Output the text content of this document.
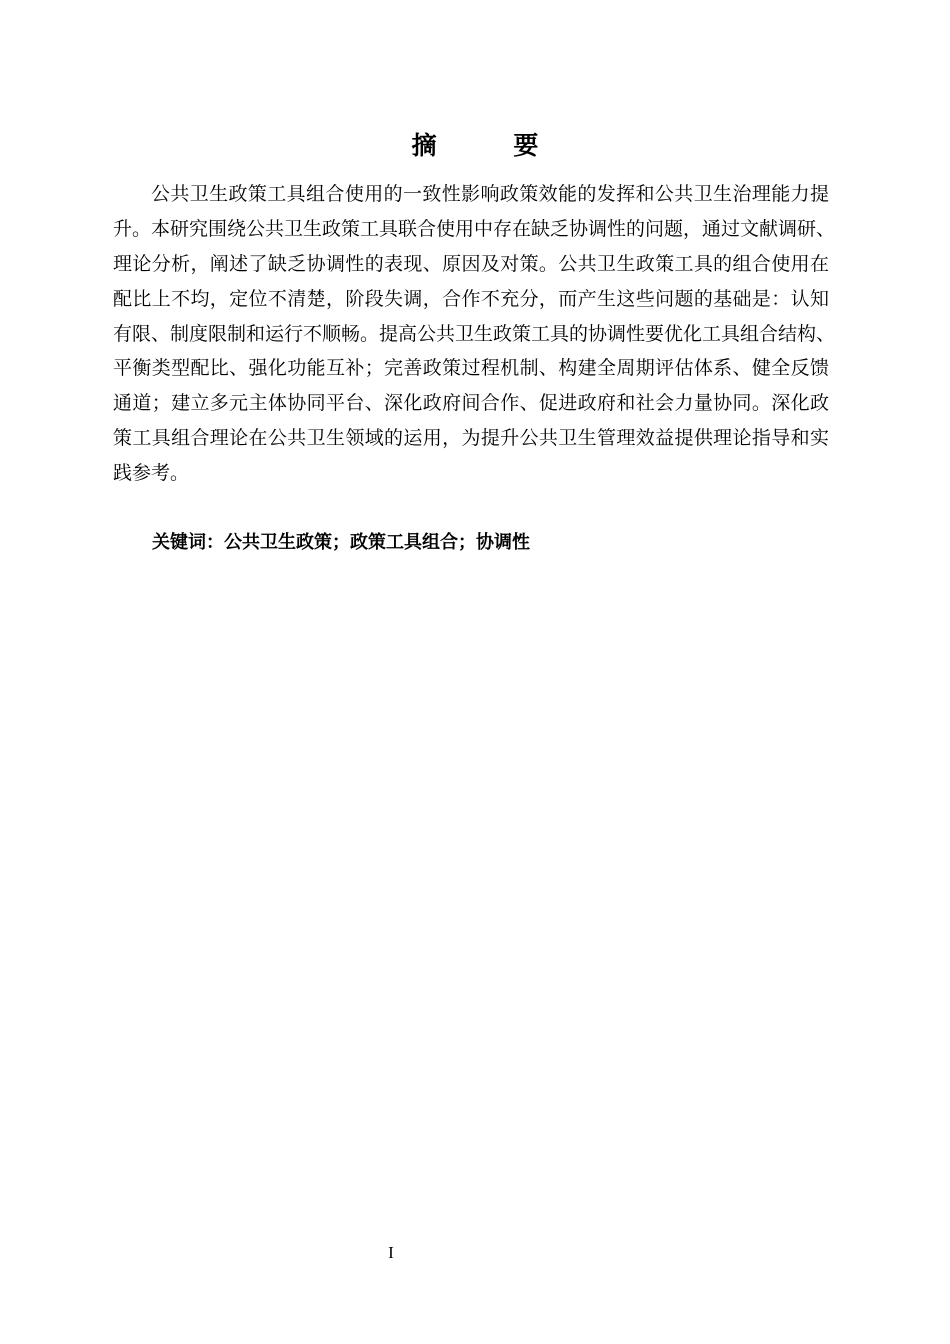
摘 要
公共卫生政策工具组合使用的一致性影响政策效能的发挥和公共卫生治理能力提
升。本研究围绕公共卫生政策工具联合使用中存在缺乏协调性的问题，通过文献调研、
理论分析，阐述了缺乏协调性的表现、原因及对策。公共卫生政策工具的组合使用在
配比上不均，定位不清楚，阶段失调，合作不充分，而产生这些问题的基础是：认知
有限、制度限制和运行不顺畅。提高公共卫生政策工具的协调性要优化工具组合结构、
平衡类型配比、强化功能互补；完善政策过程机制、构建全周期评估体系、健全反馈
通道；建立多元主体协同平台、深化政府间合作、促进政府和社会力量协同。深化政
策工具组合理论在公共卫生领域的运用，为提升公共卫生管理效益提供理论指导和实
践参考。
关键词：公共卫生政策；政策工具组合；协调性
I
